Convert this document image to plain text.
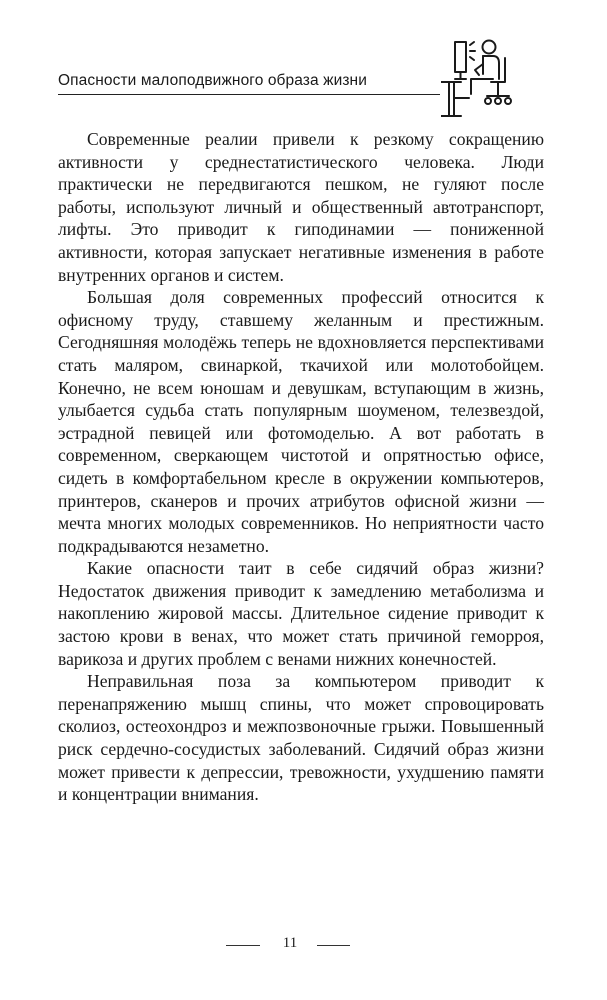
Опасности малоподвижного образа жизни

Современные реалии привели к резкому сокращению активности у среднестатистического человека. Люди практически не передвигаются пешком, не гуляют после работы, используют личный и общественный автотранспорт, лифты. Это приводит к гиподинамии — пониженной активности, которая запускает негативные изменения в работе внутренних органов и систем.

Большая доля современных профессий относится к офисному труду, ставшему желанным и престижным. Сегодняшняя молодёжь теперь не вдохновляется перспективами стать маляром, свинаркой, ткачихой или молотобойцем. Конечно, не всем юношам и девушкам, вступающим в жизнь, улыбается судьба стать популярным шоуменом, телезвездой, эстрадной певицей или фотомоделью. А вот работать в современном, сверкающем чистотой и опрятностью офисе, сидеть в комфортабельном кресле в окружении компьютеров, принтеров, сканеров и прочих атрибутов офисной жизни — мечта многих молодых современников. Но неприятности часто подкрадываются незаметно.

Какие опасности таит в себе сидячий образ жизни? Недостаток движения приводит к замедлению метаболизма и накоплению жировой массы. Длительное сидение приводит к застою крови в венах, что может стать причиной геморроя, варикоза и других проблем с венами нижних конечностей.

Неправильная поза за компьютером приводит к перенапряжению мышц спины, что может спровоцировать сколиоз, остеохондроз и межпозвоночные грыжи. Повышенный риск сердечно-сосудистых заболеваний. Сидячий образ жизни может привести к депрессии, тревожности, ухудшению памяти и концентрации внимания.

11
